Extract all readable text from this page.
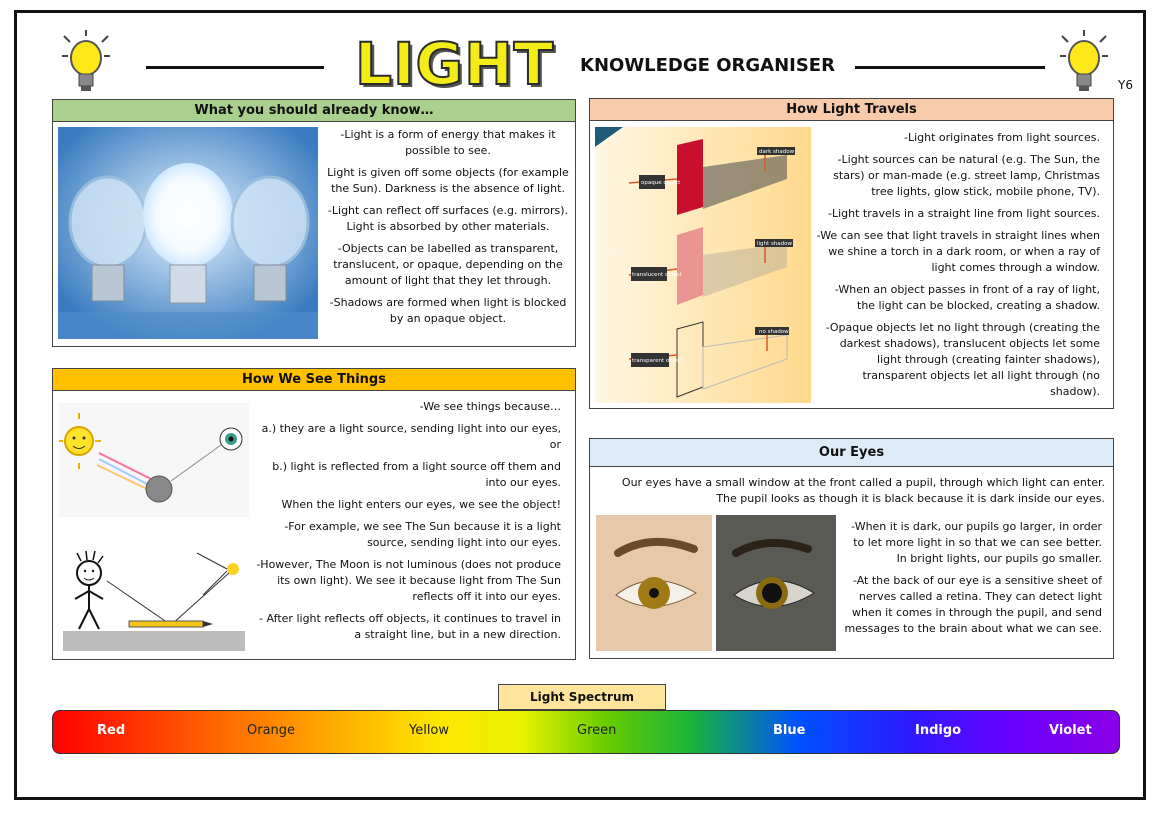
LIGHT KNOWLEDGE ORGANISER
Y6
What you should already know…

-Light is a form of energy that makes it possible to see.

Light is given off some objects (for example the Sun). Darkness is the absence of light.

-Light can reflect off surfaces (e.g. mirrors). Light is absorbed by other materials.

-Objects can be labelled as transparent, translucent, or opaque, depending on the amount of light that they let through.

-Shadows are formed when light is blocked by an opaque object.

How Light Travels
opaque object
dark shadow
translucent object
light shadow
transparent object
no shadow

-Light originates from light sources.

-Light sources can be natural (e.g. The Sun, the stars) or man-made (e.g. street lamp, Christmas tree lights, glow stick, mobile phone, TV).

-Light travels in a straight line from light sources.

-We can see that light travels in straight lines when we shine a torch in a dark room, or when a ray of light comes through a window.

-When an object passes in front of a ray of light, the light can be blocked, creating a shadow.

-Opaque objects let no light through (creating the darkest shadows), translucent objects let some light through (creating fainter shadows), transparent objects let all light through (no shadow).

How We See Things

-We see things because…

a.) they are a light source, sending light into our eyes, or

b.) light is reflected from a light source off them and into our eyes.

When the light enters our eyes, we see the object!

-For example, we see The Sun because it is a light source, sending light into our eyes.

-However, The Moon is not luminous (does not produce its own light). We see it because light from The Sun reflects off it into our eyes.

- After light reflects off objects, it continues to travel in a straight line, but in a new direction.

Our Eyes
Our eyes have a small window at the front called a pupil, through which light can enter. The pupil looks as though it is black because it is dark inside our eyes.

-When it is dark, our pupils go larger, in order to let more light in so that we can see better. In bright lights, our pupils go smaller.

-At the back of our eye is a sensitive sheet of nerves called a retina. They can detect light when it comes in through the pupil, and send messages to the brain about what we can see.

Light Spectrum
Red	Orange	Yellow	Green	Blue	Indigo	Violet
